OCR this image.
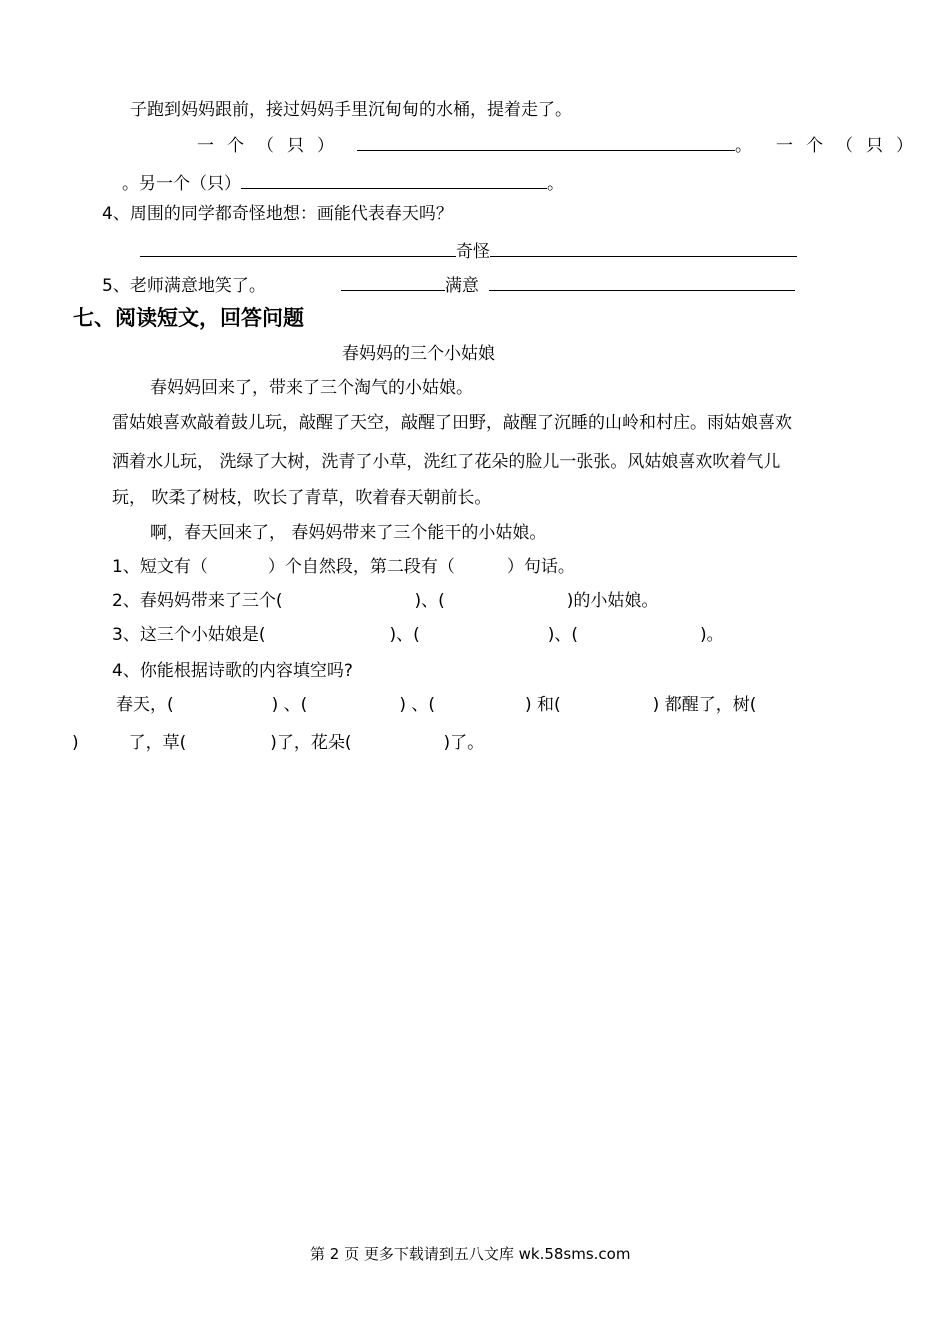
子跑到妈妈跟前，接过妈妈手里沉甸甸的水桶，提着走了。
一个（只）	。 一个（只）
。另一个（只）	。
4、周围的同学都奇怪地想：画能代表春天吗？
奇怪
5、老师满意地笑了。	满意
七、阅读短文，回答问题
春妈妈的三个小姑娘
春妈妈回来了，带来了三个淘气的小姑娘。
雷姑娘喜欢敲着鼓儿玩，敲醒了天空，敲醒了田野，敲醒了沉睡的山岭和村庄。雨姑娘喜欢
洒着水儿玩， 洗绿了大树，洗青了小草，洗红了花朵的脸儿一张张。风姑娘喜欢吹着气儿
玩， 吹柔了树枝，吹长了青草，吹着春天朝前长。
啊，春天回来了， 春妈妈带来了三个能干的小姑娘。
1、短文有（	）个自然段，第二段有（	）句话。
2、春妈妈带来了三个(	)、(	)的小姑娘。
3、这三个小姑娘是(	)、(	)、(	)。
4、你能根据诗歌的内容填空吗?
春天，(	) 、(	) 、(	) 和(	) 都醒了，树(
)	了，草(	)了，花朵(	)了。
第 2 页 更多下载请到五八文库 wk.58sms.com
